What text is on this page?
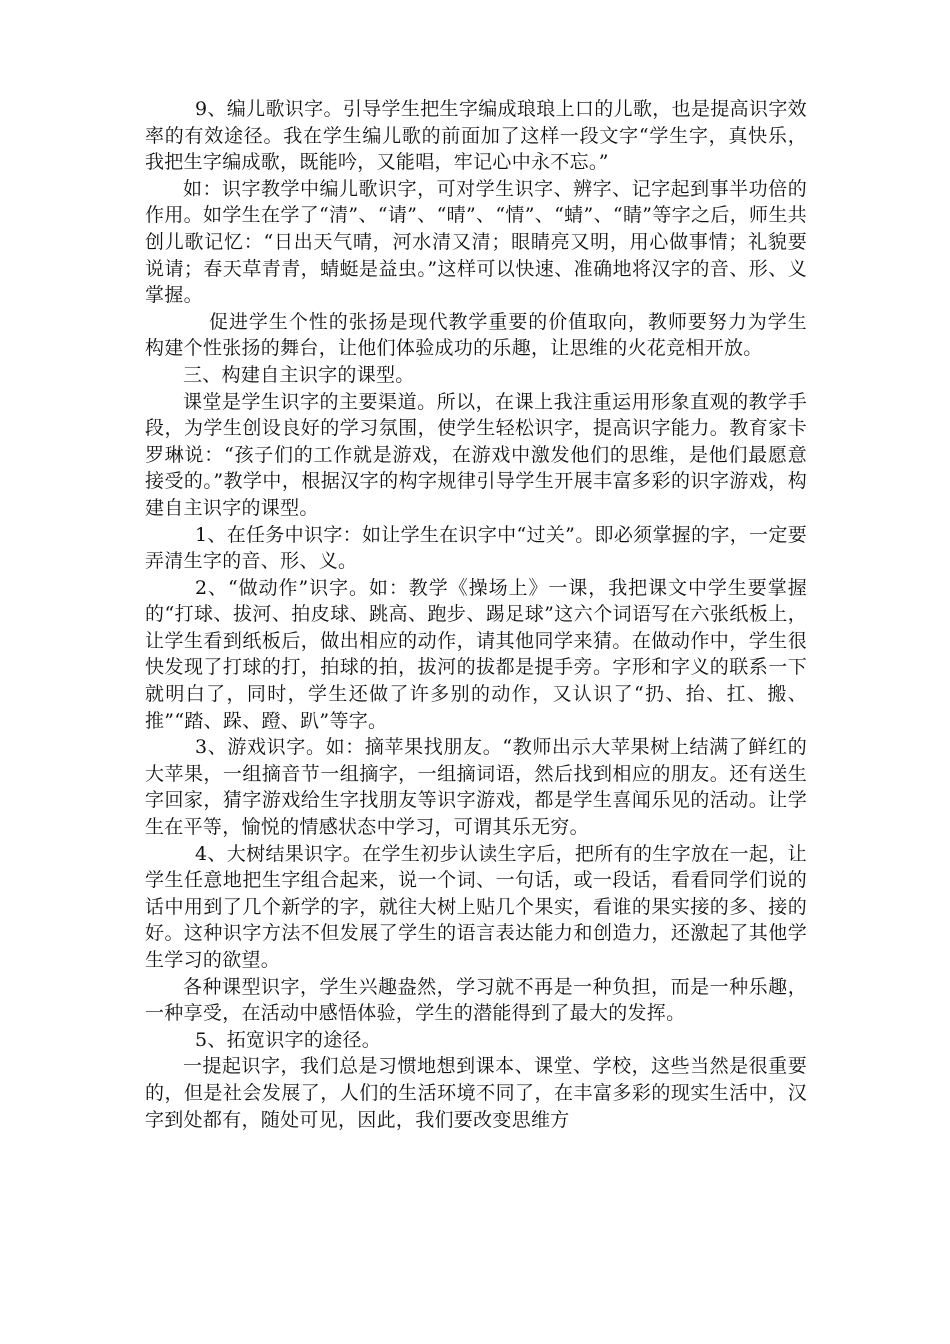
9、编儿歌识字。引导学生把生字编成琅琅上口的儿歌，也是提高识字效率的有效途径。我在学生编儿歌的前面加了这样一段文字“学生字，真快乐，我把生字编成歌，既能吟，又能唱，牢记心中永不忘。”

如：识字教学中编儿歌识字，可对学生识字、辨字、记字起到事半功倍的作用。如学生在学了“清”、“请”、“晴”、“情”、“蜻”、“睛”等字之后，师生共创儿歌记忆：“日出天气晴，河水清又清；眼睛亮又明，用心做事情；礼貌要说请；春天草青青，蜻蜓是益虫。”这样可以快速、准确地将汉字的音、形、义掌握。

促进学生个性的张扬是现代教学重要的价值取向，教师要努力为学生构建个性张扬的舞台，让他们体验成功的乐趣，让思维的火花竞相开放。

三、构建自主识字的课型。

课堂是学生识字的主要渠道。所以，在课上我注重运用形象直观的教学手段，为学生创设良好的学习氛围，使学生轻松识字，提高识字能力。教育家卡罗琳说：“孩子们的工作就是游戏，在游戏中激发他们的思维，是他们最愿意接受的。”教学中，根据汉字的构字规律引导学生开展丰富多彩的识字游戏，构建自主识字的课型。

1、在任务中识字：如让学生在识字中“过关”。即必须掌握的字，一定要弄清生字的音、形、义。

2、“做动作”识字。如：教学《操场上》一课，我把课文中学生要掌握的“打球、拔河、拍皮球、跳高、跑步、踢足球”这六个词语写在六张纸板上，让学生看到纸板后，做出相应的动作，请其他同学来猜。在做动作中，学生很快发现了打球的打，拍球的拍，拔河的拔都是提手旁。字形和字义的联系一下就明白了，同时，学生还做了许多别的动作，又认识了“扔、抬、扛、搬、推”“踏、跺、蹬、趴”等字。

3、游戏识字。如：摘苹果找朋友。“教师出示大苹果树上结满了鲜红的大苹果，一组摘音节一组摘字，一组摘词语，然后找到相应的朋友。还有送生字回家，猜字游戏给生字找朋友等识字游戏，都是学生喜闻乐见的活动。让学生在平等，愉悦的情感状态中学习，可谓其乐无穷。

4、大树结果识字。在学生初步认读生字后，把所有的生字放在一起，让学生任意地把生字组合起来，说一个词、一句话，或一段话，看看同学们说的话中用到了几个新学的字，就往大树上贴几个果实，看谁的果实接的多、接的好。这种识字方法不但发展了学生的语言表达能力和创造力，还激起了其他学生学习的欲望。

各种课型识字，学生兴趣盎然，学习就不再是一种负担，而是一种乐趣，一种享受，在活动中感悟体验，学生的潜能得到了最大的发挥。

5、拓宽识字的途径。

一提起识字，我们总是习惯地想到课本、课堂、学校，这些当然是很重要的，但是社会发展了，人们的生活环境不同了，在丰富多彩的现实生活中，汉字到处都有，随处可见，因此，我们要改变思维方
